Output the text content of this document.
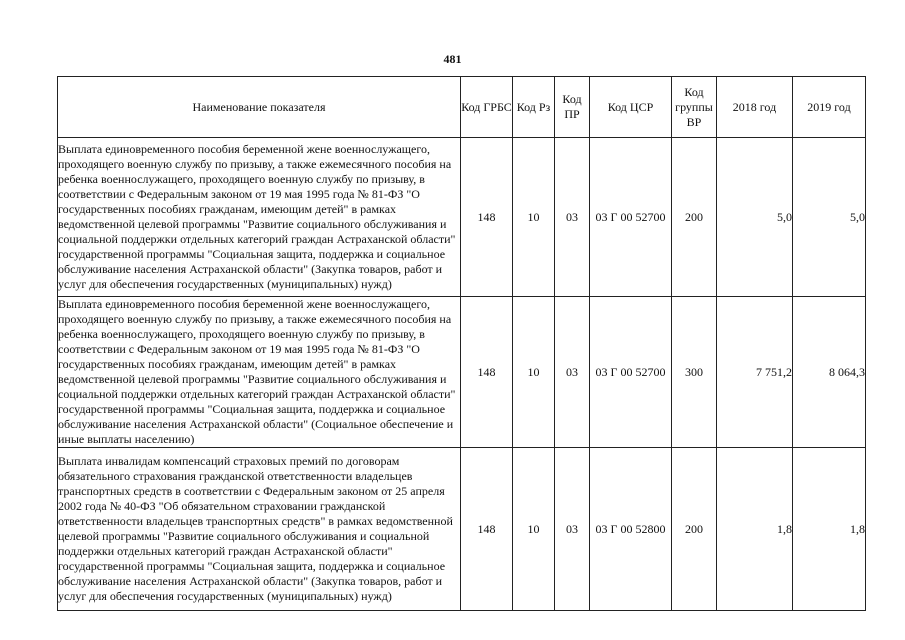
481
Наименование показателя	Код ГРБС	Код Рз	Код ПР	Код ЦСР	Код группы ВР	2018 год	2019 год
Выплата единовременного пособия беременной жене военнослужащего, проходящего военную службу по призыву, а также ежемесячного пособия на ребенка военнослужащего, проходящего военную службу по призыву, в соответствии с Федеральным законом от 19 мая 1995 года № 81-ФЗ "О государственных пособиях гражданам, имеющим детей" в рамках ведомственной целевой программы "Развитие социального обслуживания и социальной поддержки отдельных категорий граждан Астраханской области" государственной программы "Социальная защита, поддержка и социальное обслуживание населения Астраханской области" (Закупка товаров, работ и услуг для обеспечения государственных (муниципальных) нужд)	148	10	03	03 Г 00 52700	200	5,0	5,0
Выплата единовременного пособия беременной жене военнослужащего, проходящего военную службу по призыву, а также ежемесячного пособия на ребенка военнослужащего, проходящего военную службу по призыву, в соответствии с Федеральным законом от 19 мая 1995 года № 81-ФЗ "О государственных пособиях гражданам, имеющим детей" в рамках ведомственной целевой программы "Развитие социального обслуживания и социальной поддержки отдельных категорий граждан Астраханской области" государственной программы "Социальная защита, поддержка и социальное обслуживание населения Астраханской области" (Социальное обеспечение и иные выплаты населению)	148	10	03	03 Г 00 52700	300	7 751,2	8 064,3
Выплата инвалидам компенсаций страховых премий по договорам обязательного страхования гражданской ответственности владельцев транспортных средств в соответствии с Федеральным законом от 25 апреля 2002 года № 40-ФЗ "Об обязательном страховании гражданской ответственности владельцев транспортных средств" в рамках ведомственной целевой программы "Развитие социального обслуживания и социальной поддержки отдельных категорий граждан Астраханской области" государственной программы "Социальная защита, поддержка и социальное обслуживание населения Астраханской области" (Закупка товаров, работ и услуг для обеспечения государственных (муниципальных) нужд)	148	10	03	03 Г 00 52800	200	1,8	1,8
